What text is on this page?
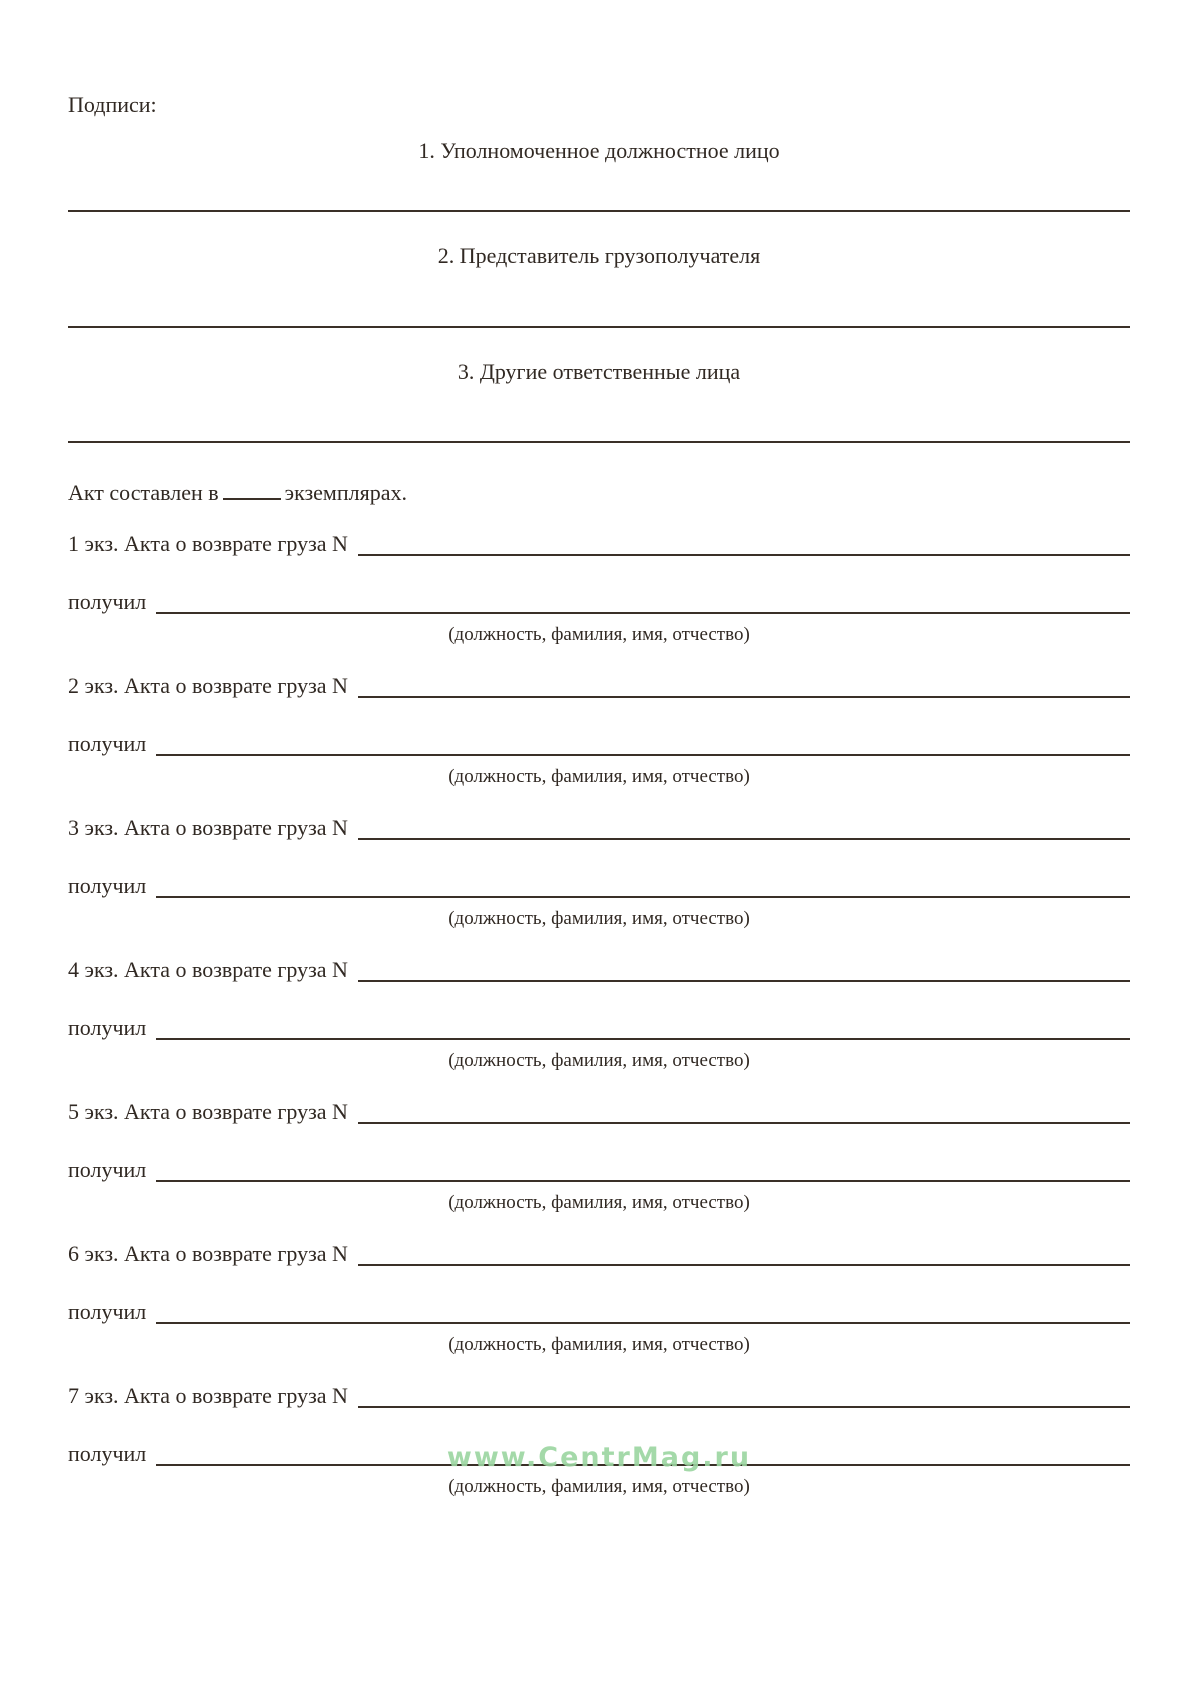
Подписи:
1. Уполномоченное должностное лицо
2. Представитель грузополучателя
3. Другие ответственные лица
Акт составлен в	экземплярах.
1 экз. Акта о возврате груза N
получил
(должность, фамилия, имя, отчество)
2 экз. Акта о возврате груза N
получил
(должность, фамилия, имя, отчество)
3 экз. Акта о возврате груза N
получил
(должность, фамилия, имя, отчество)
4 экз. Акта о возврате груза N
получил
(должность, фамилия, имя, отчество)
5 экз. Акта о возврате груза N
получил
(должность, фамилия, имя, отчество)
6 экз. Акта о возврате груза N
получил
(должность, фамилия, имя, отчество)
7 экз. Акта о возврате груза N
получил
(должность, фамилия, имя, отчество)
www.CentrMag.ru
